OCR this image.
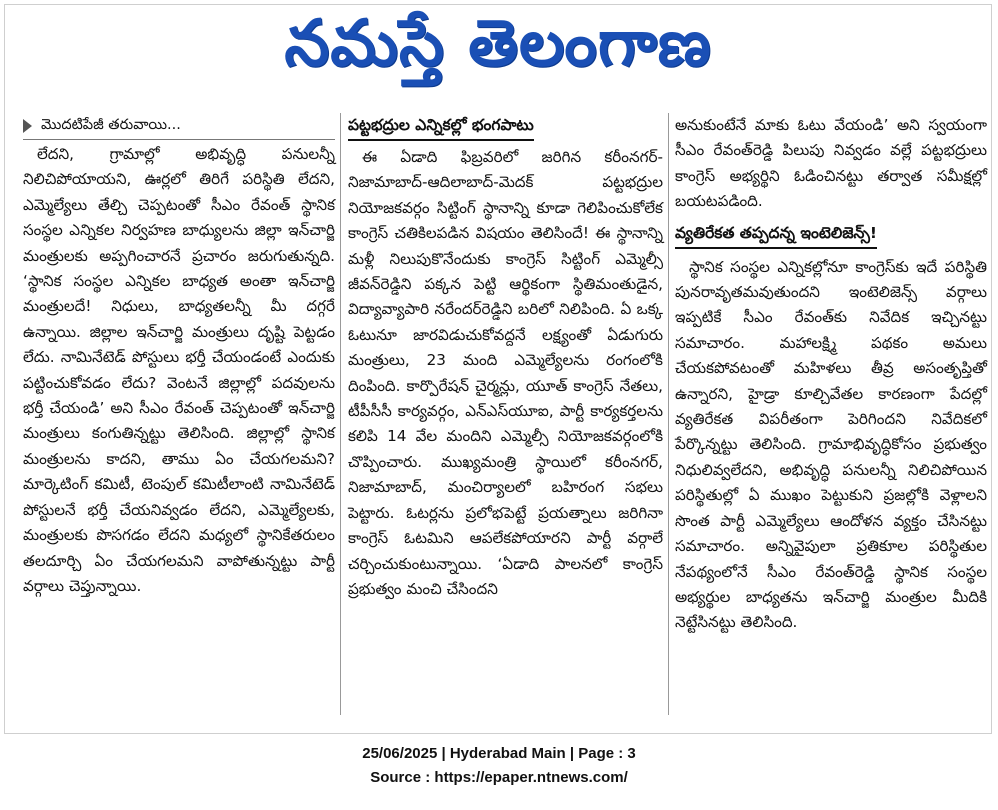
నమస్తే తెలంగాణ
మొదటిపేజీ తరువాయి...

లేదని, గ్రామాల్లో అభివృద్ధి పనులన్నీ నిలిచిపోయాయని, ఊర్లలో తిరిగే పరిస్థితి లేదని, ఎమ్మెల్యేలు తేల్చి చెప్పటంతో సీఎం రేవంత్ స్థానిక సంస్థల ఎన్నికల నిర్వహణ బాధ్యులను జిల్లా ఇన్‌చార్జి మంత్రులకు అప్పగించారనే ప్రచారం జరుగుతున్నది. ‘స్థానిక సంస్థల ఎన్నికల బాధ్యత అంతా ఇన్‌చార్జి మంత్రులదే! నిధులు, బాధ్యతలన్నీ మీ దగ్గరే ఉన్నాయి. జిల్లాల ఇన్‌చార్జి మంత్రులు దృష్టి పెట్టడం లేదు. నామినేటెడ్ పోస్టులు భర్తీ చేయండంటే ఎందుకు పట్టించుకోవడం లేదు? వెంటనే జిల్లాల్లో పదవులను భర్తీ చేయండి’ అని సీఎం రేవంత్ చెప్పటంతో ఇన్‌చార్జి మంత్రులు కంగుతిన్నట్టు తెలిసింది. జిల్లాల్లో స్థానిక మంత్రులను కాదని, తాము ఏం చేయగలమని? మార్కెటింగ్ కమిటీ, టెంపుల్ కమిటీలాంటి నామినేటెడ్ పోస్టులనే భర్తీ చేయనివ్వడం లేదని, ఎమ్మెల్యేలకు, మంత్రులకు పొసగడం లేదని మధ్యలో స్థానికేతరులం తలదూర్చి ఏం చేయగలమని వాపోతున్నట్టు పార్టీ వర్గాలు చెప్తున్నాయి.

పట్టభద్రుల ఎన్నికల్లో భంగపాటు

ఈ ఏడాది ఫిబ్రవరిలో జరిగిన కరీంనగర్-నిజామాబాద్-ఆదిలాబాద్-మెదక్ పట్టభద్రుల నియోజకవర్గం సిట్టింగ్ స్థానాన్ని కూడా గెలిపించుకోలేక కాంగ్రెస్ చతికిలపడిన విషయం తెలిసిందే! ఈ స్థానాన్ని మళ్లీ నిలుపుకొనేందుకు కాంగ్రెస్ సిట్టింగ్ ఎమ్మెల్సీ జీవన్‌రెడ్డిని పక్కన పెట్టి ఆర్థికంగా స్థితిమంతుడైన, విద్యావ్యాపారి నరేందర్‌రెడ్డిని బరిలో నిలిపింది. ఏ ఒక్క ఓటునూ జారవిడుచుకోవద్దనే లక్ష్యంతో ఏడుగురు మంత్రులు, 23 మంది ఎమ్మెల్యేలను రంగంలోకి దింపింది. కార్పొరేషన్ చైర్మన్లు, యూత్ కాంగ్రెస్ నేతలు, టీపీసీసీ కార్యవర్గం, ఎన్‌ఎస్‌యూఐ, పార్టీ కార్యకర్తలను కలిపి 14 వేల మందిని ఎమ్మెల్సీ నియోజకవర్గంలోకి చొప్పించారు. ముఖ్యమంత్రి స్థాయిలో కరీంనగర్, నిజామాబాద్, మంచిర్యాలలో బహిరంగ సభలు పెట్టారు. ఓటర్లను ప్రలోభపెట్టే ప్రయత్నాలు జరిగినా కాంగ్రెస్ ఓటమిని ఆపలేకపోయారని పార్టీ వర్గాలే చర్చించుకుంటున్నాయి. ‘ఏడాది పాలనలో కాంగ్రెస్ ప్రభుత్వం మంచి చేసిందని

అనుకుంటేనే మాకు ఓటు వేయండి’ అని స్వయంగా సీఎం రేవంత్‌రెడ్డి పిలుపు నివ్వడం వల్లే పట్టభద్రులు కాంగ్రెస్ అభ్యర్థిని ఓడించినట్టు తర్వాత సమీక్షల్లో బయటపడింది.

వ్యతిరేకత తప్పదన్న ఇంటెలిజెన్స్!

స్థానిక సంస్థల ఎన్నికల్లోనూ కాంగ్రెస్‌కు ఇదే పరిస్థితి పునరావృతమవుతుందని ఇంటెలిజెన్స్ వర్గాలు ఇప్పటికే సీఎం రేవంత్‌కు నివేదిక ఇచ్చినట్టు సమాచారం. మహాలక్ష్మి పథకం అమలు చేయకపోవటంతో మహిళలు తీవ్ర అసంతృప్తితో ఉన్నారని, హైడ్రా కూల్చివేతల కారణంగా పేదల్లో వ్యతిరేకత విపరీతంగా పెరిగిందని నివేదికలో పేర్కొన్నట్టు తెలిసింది. గ్రామాభివృద్ధికోసం ప్రభుత్వం నిధులివ్వలేదని, అభివృద్ధి పనులన్నీ నిలిచిపోయిన పరిస్థితుల్లో ఏ ముఖం పెట్టుకుని ప్రజల్లోకి వెళ్లాలని సొంత పార్టీ ఎమ్మెల్యేలు ఆందోళన వ్యక్తం చేసినట్టు సమాచారం. అన్నివైపులా ప్రతికూల పరిస్థితుల నేపథ్యంలోనే సీఎం రేవంత్‌రెడ్డి స్థానిక సంస్థల అభ్యర్థుల బాధ్యతను ఇన్‌చార్జి మంత్రుల మీదికి నెట్టేసినట్టు తెలిసింది.

25/06/2025 | Hyderabad Main | Page : 3
Source : https://epaper.ntnews.com/
